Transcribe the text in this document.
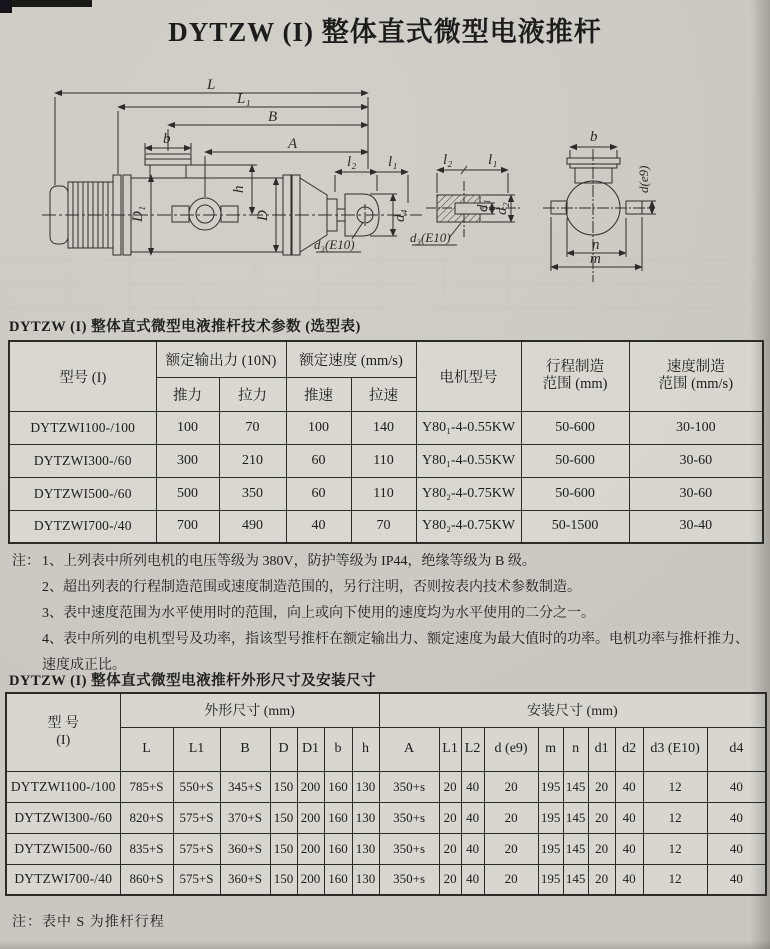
DYTZW (I) 整体直式微型电液推杆
L
L₁
B
A
b
h
D₁	D
l₂ l₁
d₄
d₃(E10)
l₂ l₁
d₁ d₂
d₃(E10)
b
d(e9)
n
m
DYTZW (I) 整体直式微型电液推杆技术参数 (选型表)
型号 (I)	额定输出力 (10N)		额定速度 (mm/s)		电机型号	行程制造
范围 (mm)	速度制造
范围 (mm/s)
	推力	拉力	推速	拉速			
DYTZWI100-/100	100	70	100	140	Y80₁-4-0.55KW	50-600	30-100
DYTZWI300-/60	300	210	60	110	Y80₁-4-0.55KW	50-600	30-60
DYTZWI500-/60	500	350	60	110	Y80₂-4-0.75KW	50-600	30-60
DYTZWI700-/40	700	490	40	70	Y80₂-4-0.75KW	50-1500	30-40
注： 1、上列表中所列电机的电压等级为 380V，防护等级为 IP44，绝缘等级为 B 级。
2、超出列表的行程制造范围或速度制造范围的，另行注明，否则按表内技术参数制造。
3、表中速度范围为水平使用时的范围，向上或向下使用的速度均为水平使用的二分之一。
4、表中所列的电机型号及功率，指该型号推杆在额定输出力、额定速度为最大值时的功率。电机功率与推杆推力、速度成正比。
DYTZW (I) 整体直式微型电液推杆外形尺寸及安装尺寸
型 号
(I)	外形尺寸 (mm)							安装尺寸 (mm)									
	L	L1	B	D	D1	b	h	A	L1	L2	d (e9)	m	n	d1	d2	d3 (E10)	d4
DYTZWI100-/100	785+S	550+S	345+S	150	200	160	130	350+s	20	40	20	195	145	20	40	12	40
DYTZWI300-/60	820+S	575+S	370+S	150	200	160	130	350+s	20	40	20	195	145	20	40	12	40
DYTZWI500-/60	835+S	575+S	360+S	150	200	160	130	350+s	20	40	20	195	145	20	40	12	40
DYTZWI700-/40	860+S	575+S	360+S	150	200	160	130	350+s	20	40	20	195	145	20	40	12	40
注：表中 S 为推杆行程
